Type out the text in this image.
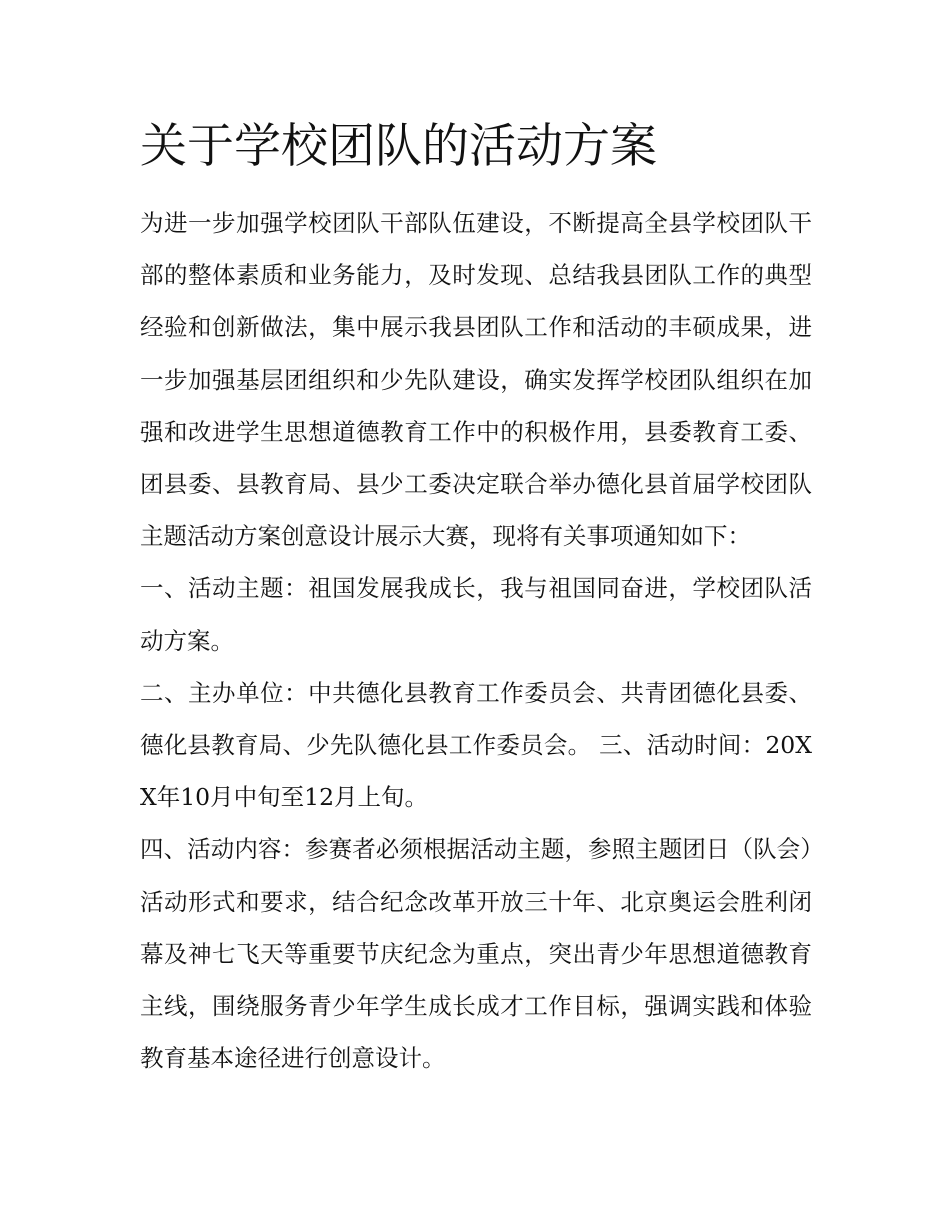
关于学校团队的活动方案

为进一步加强学校团队干部队伍建设，不断提高全县学校团队干部的整体素质和业务能力，及时发现、总结我县团队工作的典型经验和创新做法，集中展示我县团队工作和活动的丰硕成果，进一步加强基层团组织和少先队建设，确实发挥学校团队组织在加强和改进学生思想道德教育工作中的积极作用，县委教育工委、团县委、县教育局、县少工委决定联合举办德化县首届学校团队主题活动方案创意设计展示大赛，现将有关事项通知如下：

一、活动主题：祖国发展我成长，我与祖国同奋进，学校团队活动方案。

二、主办单位：中共德化县教育工作委员会、共青团德化县委、德化县教育局、少先队德化县工作委员会。 三、活动时间：20XX年10月中旬至12月上旬。

四、活动内容：参赛者必须根据活动主题，参照主题团日（队会）活动形式和要求，结合纪念改革开放三十年、北京奥运会胜利闭幕及神七飞天等重要节庆纪念为重点，突出青少年思想道德教育主线，围绕服务青少年学生成长成才工作目标，强调实践和体验教育基本途径进行创意设计。
